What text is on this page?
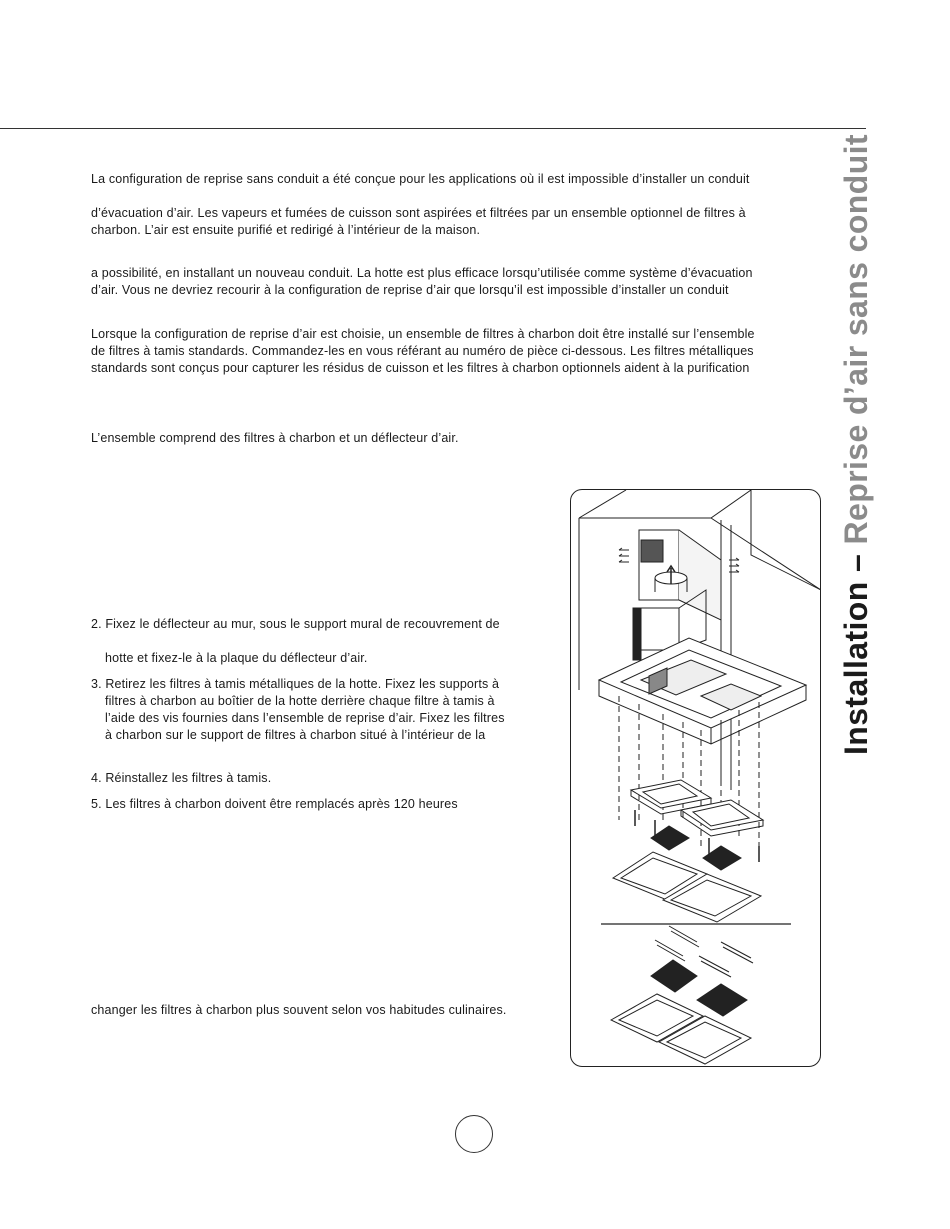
La configuration de reprise sans conduit a été conçue pour les applications où il est impossible d’installer un conduit

d’évacuation d’air. Les vapeurs et fumées de cuisson sont aspirées et filtrées par un ensemble optionnel de filtres à
charbon. L’air est ensuite purifié et redirigé à l’intérieur de la maison.
a possibilité, en installant un nouveau conduit. La hotte est plus efficace lorsqu’utilisée comme système d’évacuation
d’air. Vous ne devriez recourir à la configuration de reprise d’air que lorsqu’il est impossible d’installer un conduit
Lorsque la configuration de reprise d’air est choisie, un ensemble de filtres à charbon doit être installé sur l’ensemble
de filtres à tamis standards. Commandez-les en vous référant au numéro de pièce ci-dessous. Les filtres métalliques
standards sont conçus pour capturer les résidus de cuisson et les filtres à charbon optionnels aident à la purification

L’ensemble comprend des filtres à charbon et un déflecteur d’air.

2. Fixez le déflecteur au mur, sous le support mural de recouvrement de
hotte et fixez-le à la plaque du déflecteur d’air.
3. Retirez les filtres à tamis métalliques de la hotte. Fixez les supports à
filtres à charbon au boîtier de la hotte derrière chaque filtre à tamis à
l’aide des vis fournies dans l’ensemble de reprise d’air. Fixez les filtres
à charbon sur le support de filtres à charbon situé à l’intérieur de la

4. Réinstallez les filtres à tamis.

5. Les filtres à charbon doivent être remplacés après 120 heures

changer les filtres à charbon plus souvent selon vos habitudes culinaires.

Installation – Reprise d’air sans conduit
